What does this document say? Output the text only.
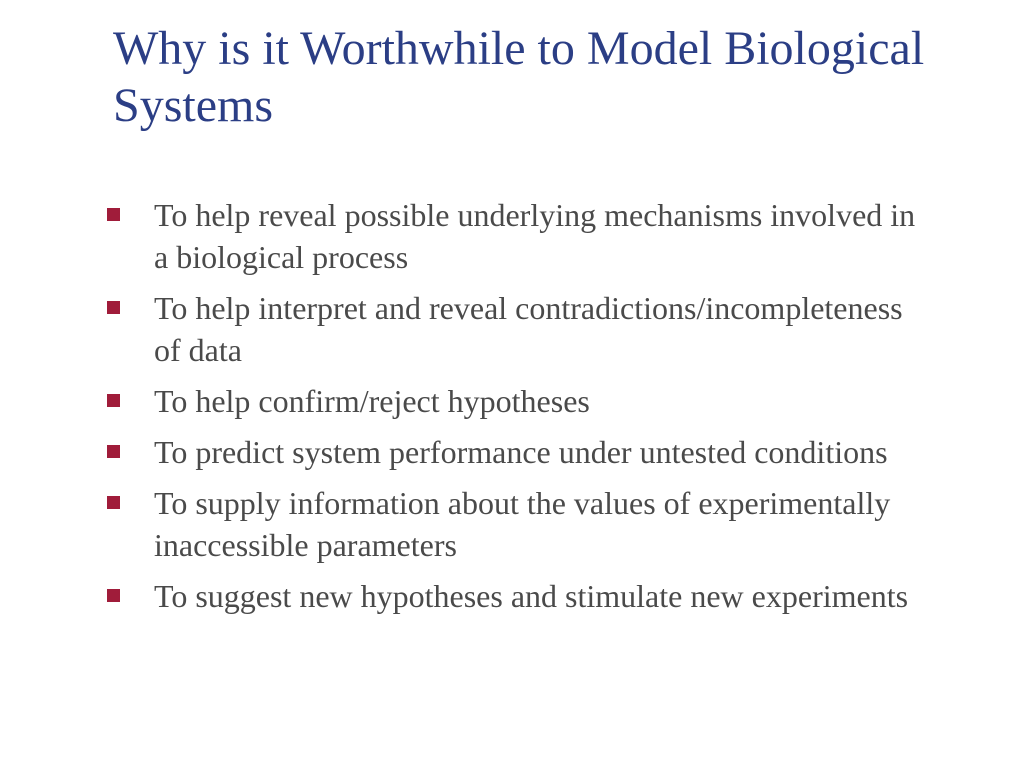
Why is it Worthwhile to Model Biological Systems
To help reveal possible underlying mechanisms involved in a biological process
To help interpret and reveal contradictions/incompleteness of data
To help confirm/reject hypotheses
To predict system performance under untested conditions
To supply information about the values of experimentally inaccessible parameters
To suggest new hypotheses and stimulate new experiments
